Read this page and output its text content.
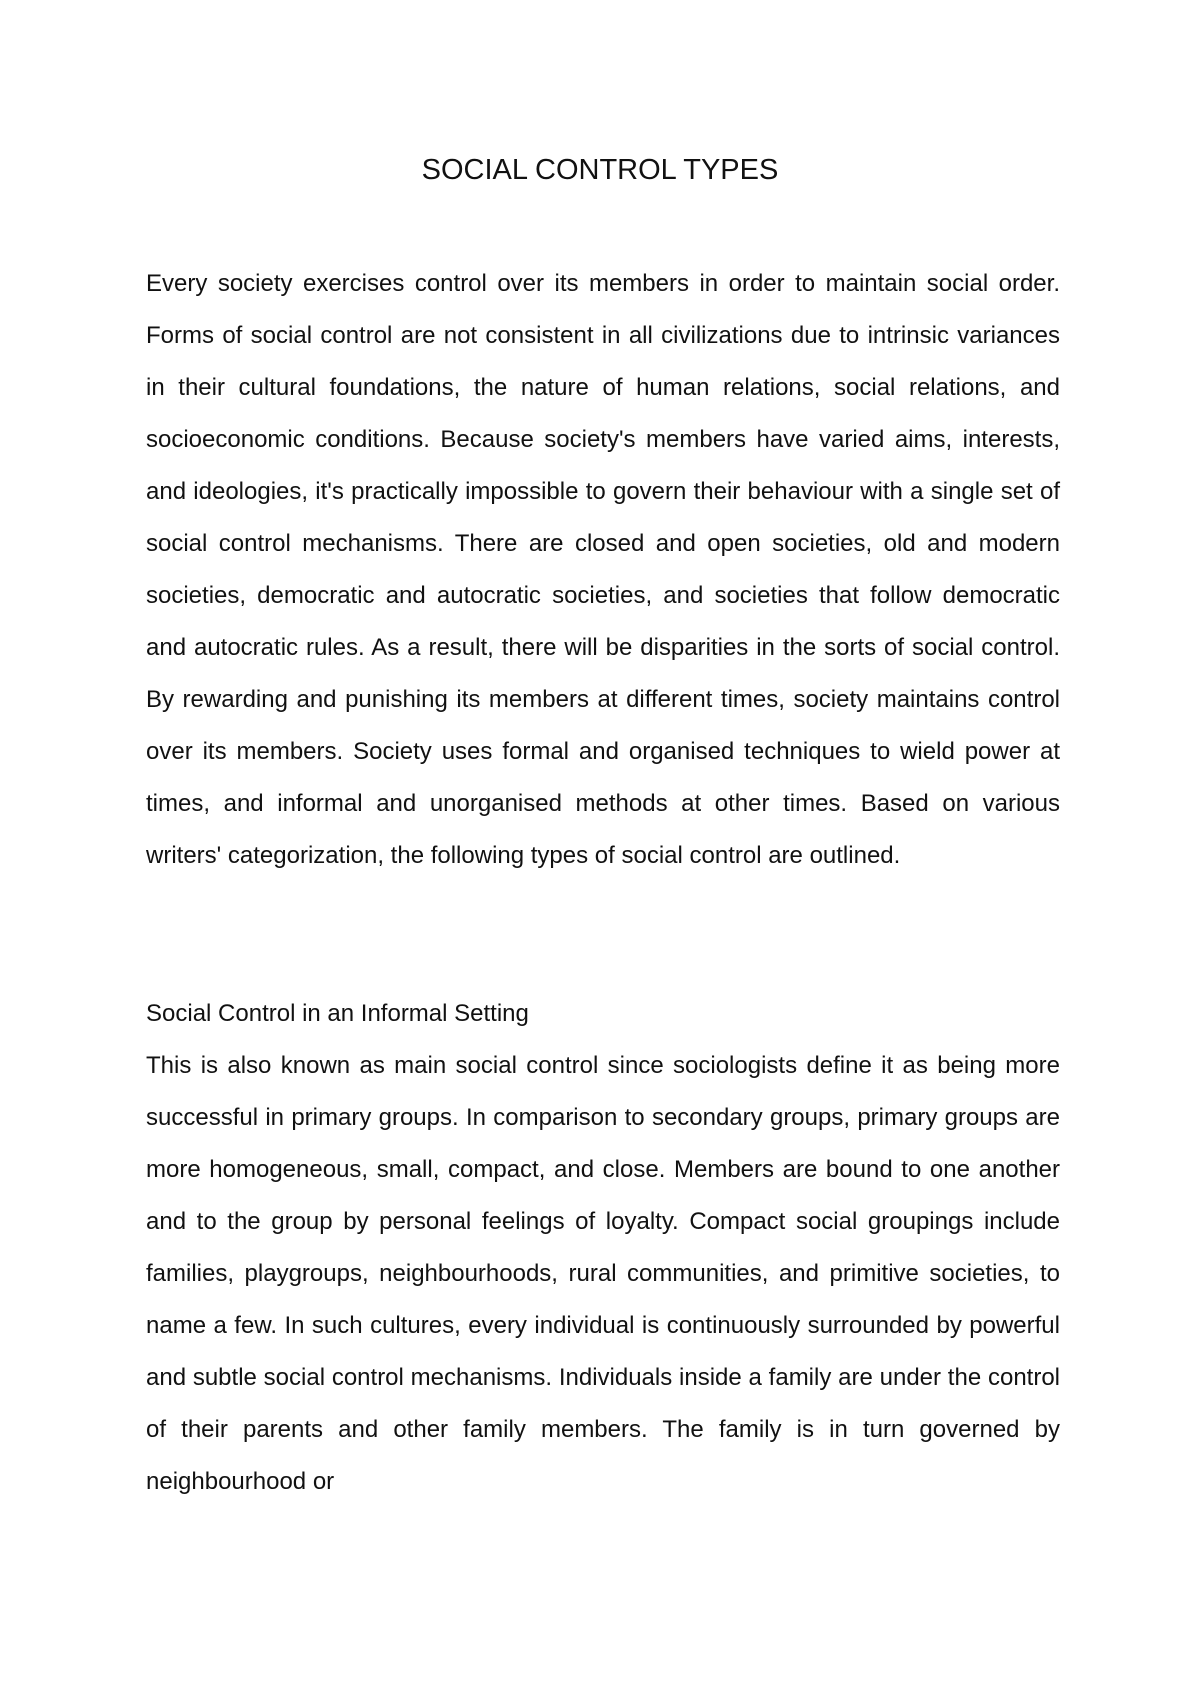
SOCIAL CONTROL TYPES

Every society exercises control over its members in order to maintain social order. Forms of social control are not consistent in all civilizations due to intrinsic variances in their cultural foundations, the nature of human relations, social relations, and socioeconomic conditions. Because society's members have varied aims, interests, and ideologies, it's practically impossible to govern their behaviour with a single set of social control mechanisms. There are closed and open societies, old and modern societies, democratic and autocratic societies, and societies that follow democratic and autocratic rules. As a result, there will be disparities in the sorts of social control. By rewarding and punishing its members at different times, society maintains control over its members. Society uses formal and organised techniques to wield power at times, and informal and unorganised methods at other times. Based on various writers' categorization, the following types of social control are outlined.

Social Control in an Informal Setting

This is also known as main social control since sociologists define it as being more successful in primary groups. In comparison to secondary groups, primary groups are more homogeneous, small, compact, and close. Members are bound to one another and to the group by personal feelings of loyalty. Compact social groupings include families, playgroups, neighbourhoods, rural communities, and primitive societies, to name a few. In such cultures, every individual is continuously surrounded by powerful and subtle social control mechanisms. Individuals inside a family are under the control of their parents and other family members. The family is in turn governed by neighbourhood or
